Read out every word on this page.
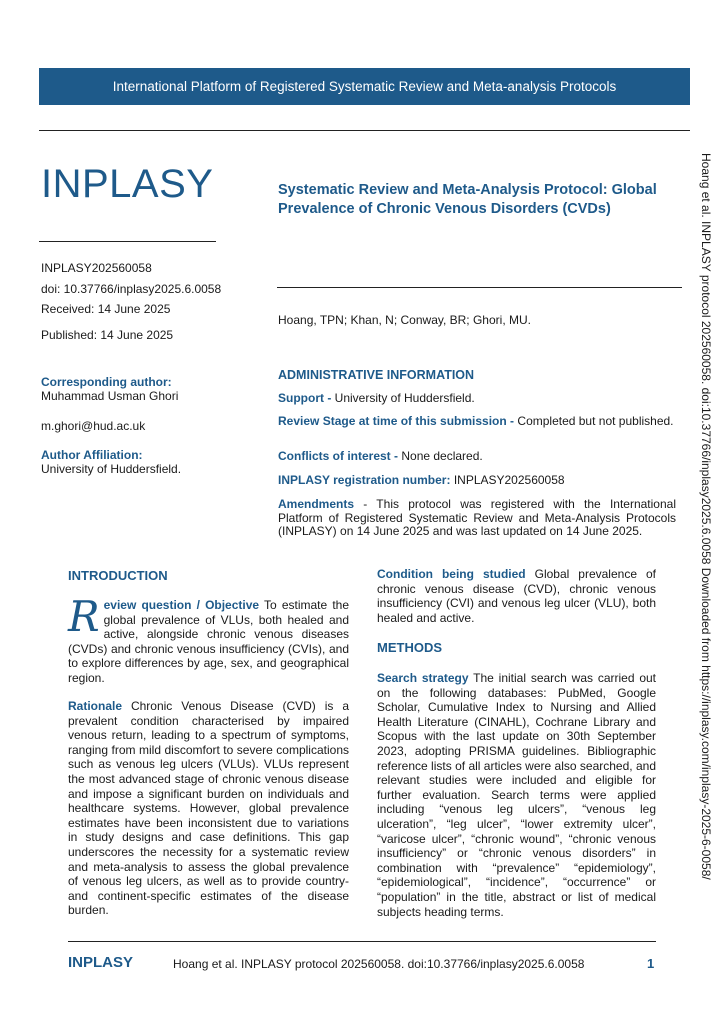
International Platform of Registered Systematic Review and Meta-analysis Protocols
INPLASY
INPLASY202560058
doi: 10.37766/inplasy2025.6.0058
Received: 14 June 2025
Published: 14 June 2025
Corresponding author:
Muhammad Usman Ghori
m.ghori@hud.ac.uk
Author Affiliation:
University of Huddersfield.
Systematic Review and Meta-Analysis Protocol: Global Prevalence of Chronic Venous Disorders (CVDs)
Hoang, TPN; Khan, N; Conway, BR; Ghori, MU.
ADMINISTRATIVE INFORMATION
Support - University of Huddersfield.
Review Stage at time of this submission - Completed but not published.
Conflicts of interest - None declared.
INPLASY registration number: INPLASY202560058
Amendments - This protocol was registered with the International Platform of Registered Systematic Review and Meta-Analysis Protocols (INPLASY) on 14 June 2025 and was last updated on 14 June 2025.
INTRODUCTION
Review question / Objective To estimate the global prevalence of VLUs, both healed and active, alongside chronic venous diseases (CVDs) and chronic venous insufficiency (CVIs), and to explore differences by age, sex, and geographical region.
Rationale Chronic Venous Disease (CVD) is a prevalent condition characterised by impaired venous return, leading to a spectrum of symptoms, ranging from mild discomfort to severe complications such as venous leg ulcers (VLUs). VLUs represent the most advanced stage of chronic venous disease and impose a significant burden on individuals and healthcare systems. However, global prevalence estimates have been inconsistent due to variations in study designs and case definitions. This gap underscores the necessity for a systematic review and meta-analysis to assess the global prevalence of venous leg ulcers, as well as to provide country- and continent-specific estimates of the disease burden.
Condition being studied Global prevalence of chronic venous disease (CVD), chronic venous insufficiency (CVI) and venous leg ulcer (VLU), both healed and active.
METHODS
Search strategy The initial search was carried out on the following databases: PubMed, Google Scholar, Cumulative Index to Nursing and Allied Health Literature (CINAHL), Cochrane Library and Scopus with the last update on 30th September 2023, adopting PRISMA guidelines. Bibliographic reference lists of all articles were also searched, and relevant studies were included and eligible for further evaluation. Search terms were applied including “venous leg ulcers”, “venous leg ulceration”, “leg ulcer”, “lower extremity ulcer”, “varicose ulcer”, “chronic wound”, “chronic venous insufficiency” or “chronic venous disorders” in combination with “prevalence” “epidemiology”, “epidemiological”, “incidence”, “occurrence” or “population” in the title, abstract or list of medical subjects heading terms.
Hoang et al. INPLASY protocol 202560058. doi:10.37766/inplasy2025.6.0058 Downloaded from https://inplasy.com/inplasy-2025-6-0058/
INPLASY	Hoang et al. INPLASY protocol 202560058. doi:10.37766/inplasy2025.6.0058	1
